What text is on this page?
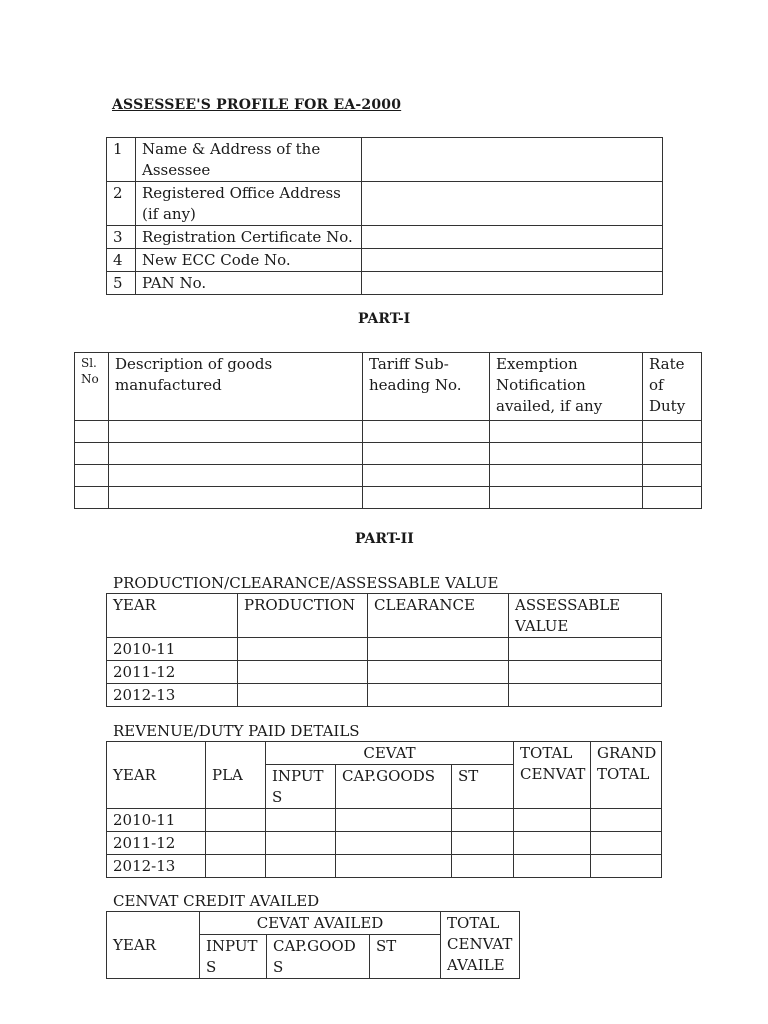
ASSESSEE'S PROFILE FOR EA-2000
1	Name & Address of the Assessee	
2	Registered Office Address (if any)	
3	Registration Certificate No.	
4	New ECC Code No.	
5	PAN No.	
PART-I
Sl. No	Description of goods manufactured	Tariff Sub-heading No.	Exemption Notification availed, if any	Rate of Duty

PART-II
PRODUCTION/CLEARANCE/ASSESSABLE VALUE
YEAR	PRODUCTION	CLEARANCE	ASSESSABLE VALUE
2010-11			
2011-12			
2012-13			
REVENUE/DUTY PAID DETAILS
YEAR	PLA	CEVAT			TOTAL CENVAT	GRAND TOTAL
		INPUTS	CAP.GOODS	ST		
2010-11						
2011-12						
2012-13						
CENVAT CREDIT AVAILED
YEAR	CEVAT AVAILED			TOTAL CENVAT AVAILE
	INPUTS	CAP.GOODS	ST	
